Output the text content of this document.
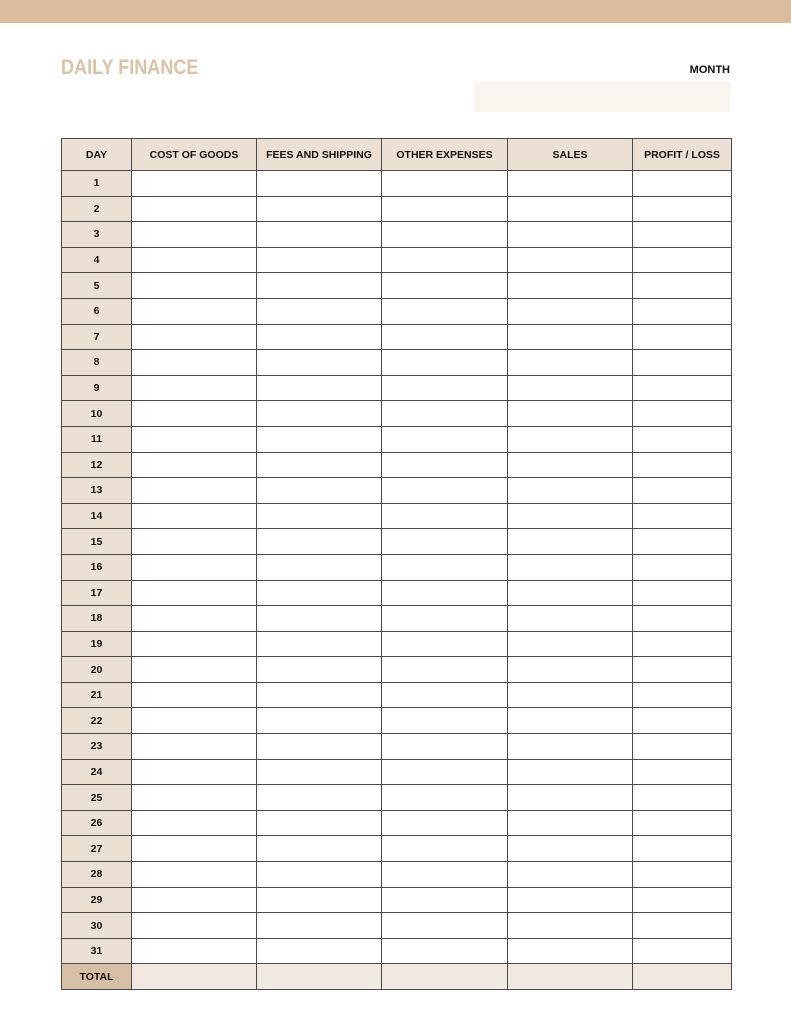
DAILY FINANCE	MONTH
DAY	COST OF GOODS	FEES AND SHIPPING	OTHER EXPENSES	SALES	PROFIT / LOSS
1					
2					
3					
4					
5					
6					
7					
8					
9					
10					
11					
12					
13					
14					
15					
16					
17					
18					
19					
20					
21					
22					
23					
24					
25					
26					
27					
28					
29					
30					
31					
TOTAL					
